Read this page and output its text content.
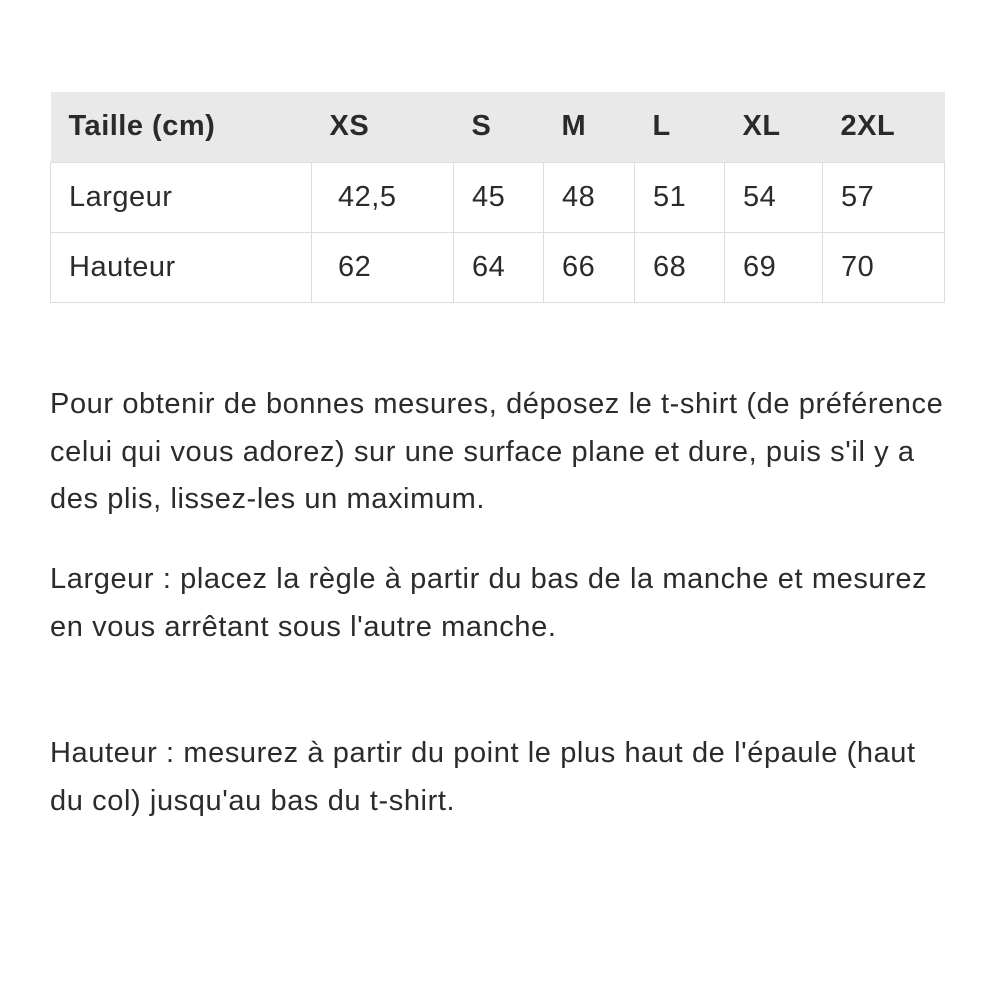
Taille (cm)	XS	S	M	L	XL	2XL
Largeur	42,5	45	48	51	54	57
Hauteur	62	64	66	68	69	70

Pour obtenir de bonnes mesures, déposez le t-shirt (de préférence celui qui vous adorez) sur une surface plane et dure, puis s'il y a des plis, lissez-les un maximum.

Largeur : placez la règle à partir du bas de la manche et mesurez en vous arrêtant sous l'autre manche.

Hauteur : mesurez à partir du point le plus haut de l'épaule (haut du col) jusqu'au bas du t-shirt.
